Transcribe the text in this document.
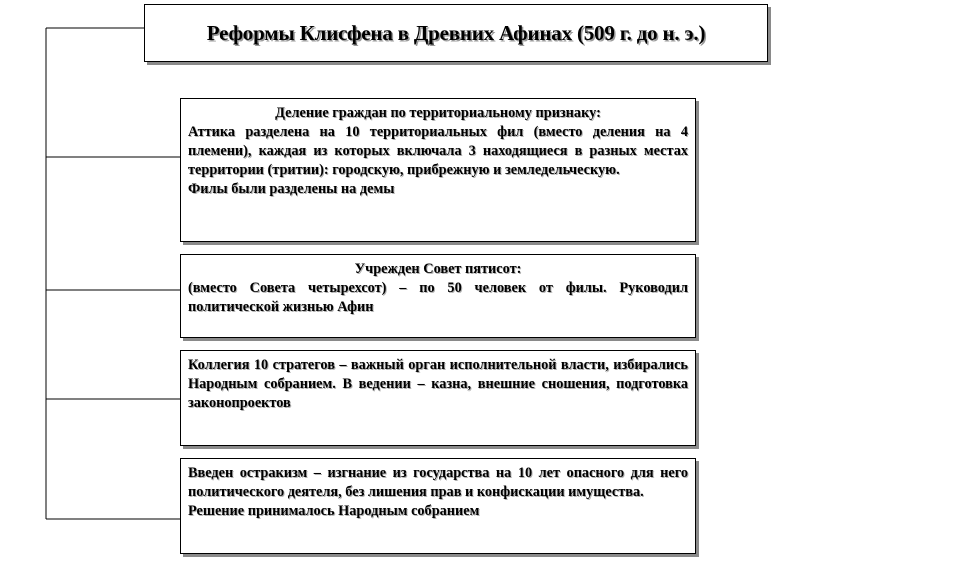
Реформы Клисфена в Древних Афинах (509 г. до н. э.)
Деление граждан по территориальному признаку:
Аттика разделена на 10 территориальных фил (вместо деления на 4 племени), каждая из которых включала 3 находящиеся в разных местах территории (тритии): городскую, прибрежную и земледельческую.
Филы были разделены на демы
Учрежден Совет пятисот:
(вместо Совета четырехсот) – по 50 человек от филы. Руководил политической жизнью Афин
Коллегия 10 стратегов – важный орган исполнительной власти, избирались Народным собранием. В ведении – казна, внешние сношения, подготовка законопроектов
Введен остракизм – изгнание из государства на 10 лет опасного для него политического деятеля, без лишения прав и конфискации имущества.
Решение принималось Народным собранием
